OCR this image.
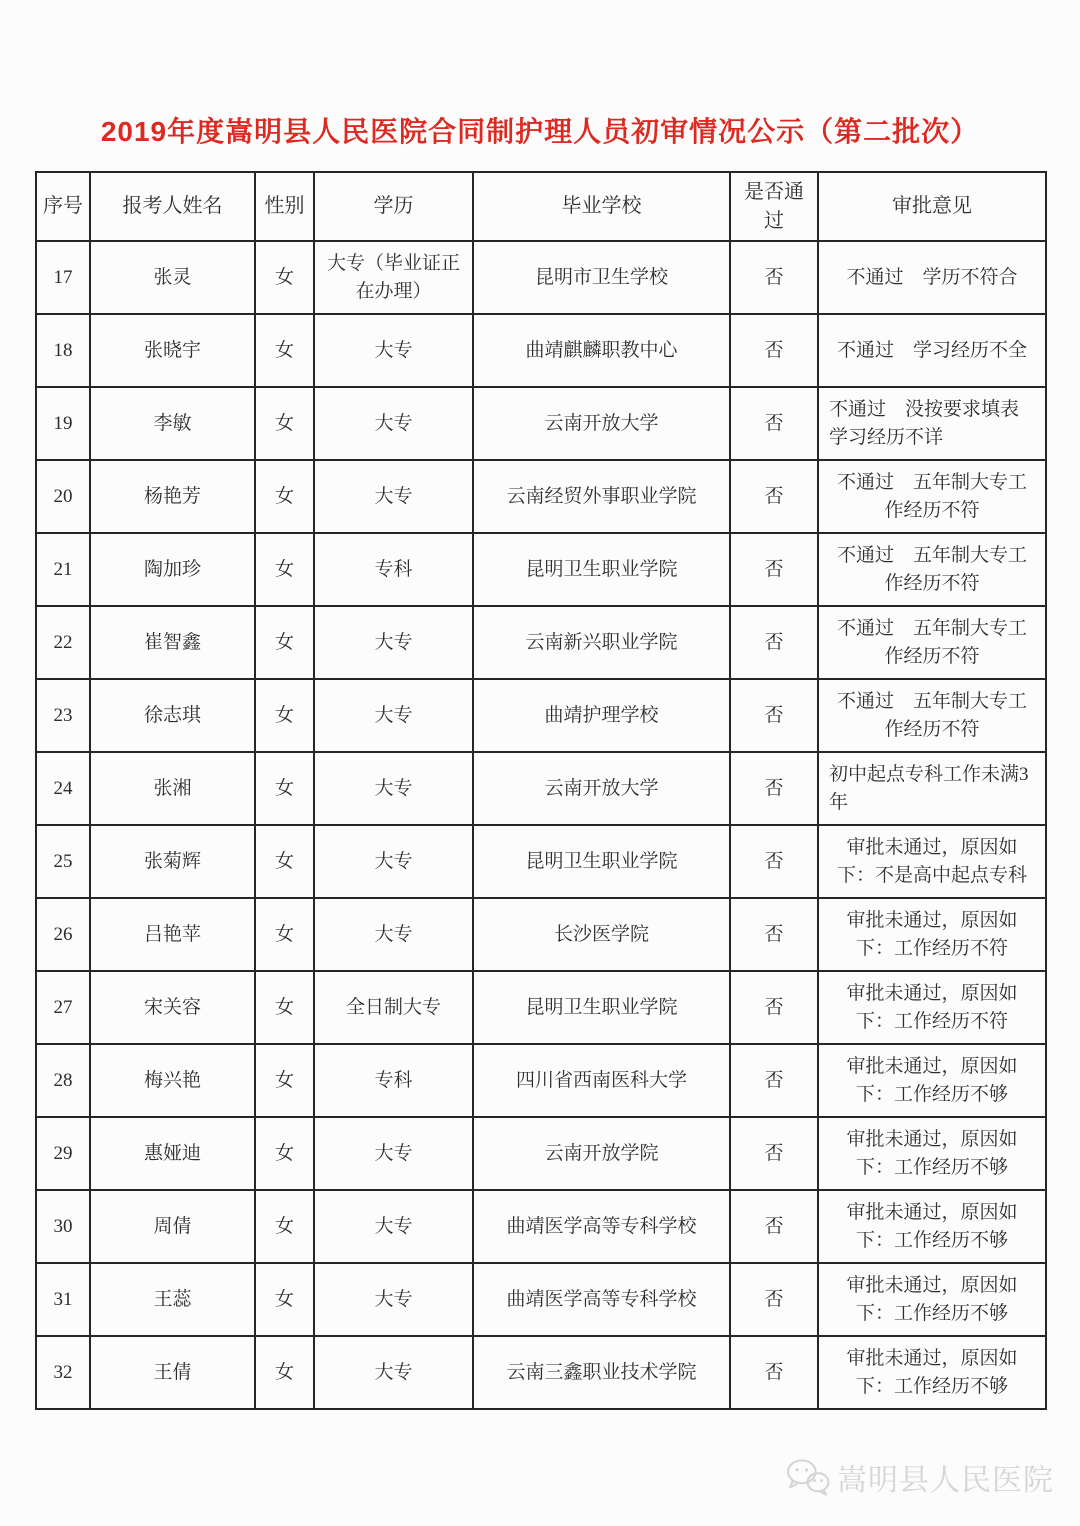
2019年度嵩明县人民医院合同制护理人员初审情况公示（第二批次）
序号	报考人姓名	性别	学历	毕业学校	是否通过	审批意见
17	张灵	女	大专（毕业证正在办理）	昆明市卫生学校	否	不通过　学历不符合
18	张晓宇	女	大专	曲靖麒麟职教中心	否	不通过　学习经历不全
19	李敏	女	大专	云南开放大学	否	不通过　没按要求填表学习经历不详
20	杨艳芳	女	大专	云南经贸外事职业学院	否	不通过　五年制大专工作经历不符
21	陶加珍	女	专科	昆明卫生职业学院	否	不通过　五年制大专工作经历不符
22	崔智鑫	女	大专	云南新兴职业学院	否	不通过　五年制大专工作经历不符
23	徐志琪	女	大专	曲靖护理学校	否	不通过　五年制大专工作经历不符
24	张湘	女	大专	云南开放大学	否	初中起点专科工作未满3年
25	张菊辉	女	大专	昆明卫生职业学院	否	审批未通过，原因如下：不是高中起点专科
26	吕艳苹	女	大专	长沙医学院	否	审批未通过，原因如下：工作经历不符
27	宋关容	女	全日制大专	昆明卫生职业学院	否	审批未通过，原因如下：工作经历不符
28	梅兴艳	女	专科	四川省西南医科大学	否	审批未通过，原因如下：工作经历不够
29	惠娅迪	女	大专	云南开放学院	否	审批未通过，原因如下：工作经历不够
30	周倩	女	大专	曲靖医学高等专科学校	否	审批未通过，原因如下：工作经历不够
31	王蕊	女	大专	曲靖医学高等专科学校	否	审批未通过，原因如下：工作经历不够
32	王倩	女	大专	云南三鑫职业技术学院	否	审批未通过，原因如下：工作经历不够
嵩明县人民医院
